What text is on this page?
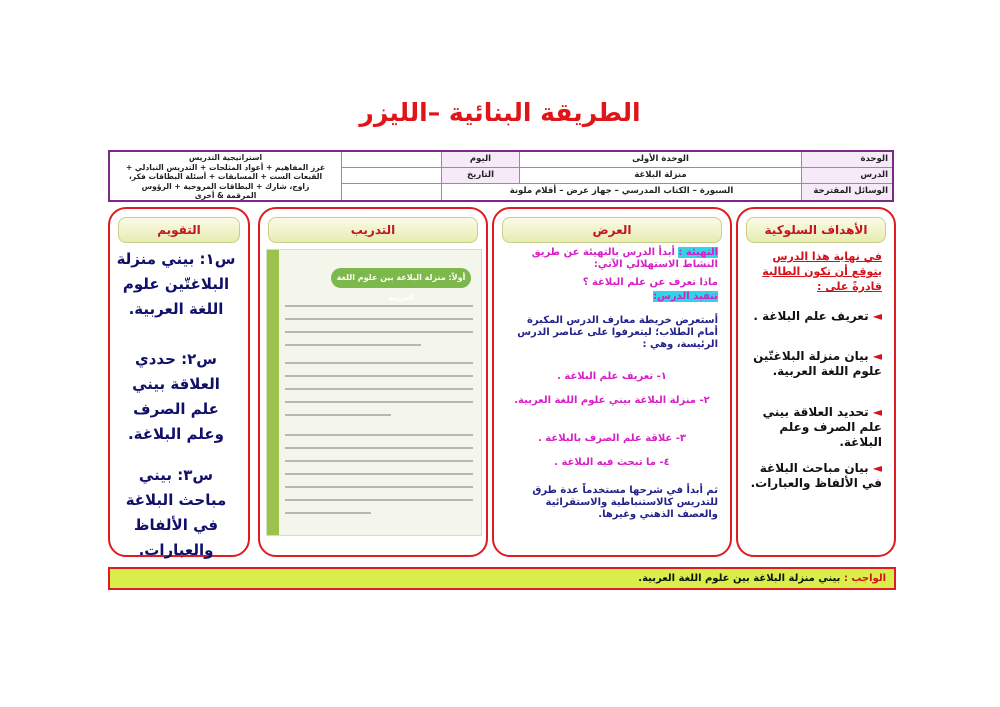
الطريقة البنائية –الليزر
استراتيجية التدريس
غرز المفاهيم + أعواد المثلجات + التدريس التبادلي +
القبعات الست + المسابقات + أسئلة البطاقات فكر،
زاوج، شارك + البطاقات المروحية + الرؤوس
المرقمة & أخرى
اليوم
التاريخ
الوحدة الأولى
منزلة البلاغة
السبورة – الكتاب المدرسي – جهاز عرض – أقلام ملونة
الوحدة
الدرس
الوسائل المقترحة
التقويم
س١: بيني منزلة البلاغتّين علوم اللغة العربية.
س٢: حددي العلاقة بيني علم الصرف وعلم البلاغة.
س٣: بيني مباحث البلاغة في الألفاظ والعبارات.
التدريب
أولاً: منزلة البلاغة بين علوم اللغة العربية
العرض
التهيئة : أبدأ الدرس بالتهيئة عن طريق النشاط الاستهلالي الآتي:
ماذا تعرف عن علم البلاغة ؟
تنفيذ الدرس:
أستعرض خريطة معارف الدرس المكبرة أمام الطلاب؛ ليتعرفوا على عناصر الدرس الرئيسة، وهي :
١- تعريف علم البلاغة .
٢- منزلة البلاغة بيني علوم اللغة العربية.
٣- علاقة علم الصرف بالبلاغة .
٤- ما تبحث فيه البلاغة .
ثم أبدأ في شرحها مستخدماً عدة طرق للتدريس كالاستنباطية والاستقرائية والعصف الذهني وغيرها.
الأهداف السلوكية
في نهاية هذا الدرس يتوقع أن تكون الطالبة قادرةً على :
◄ تعريف علم البلاغة .
◄ بيان منزلة البلاغتّين علوم اللغة العربية.
◄ تحديد العلاقة بيني علم الصرف وعلم البلاغة.
◄ بيان مباحث البلاغة في الألفاظ والعبارات.
الواجب : بيني منزلة البلاغة بين علوم اللغة العربية.
